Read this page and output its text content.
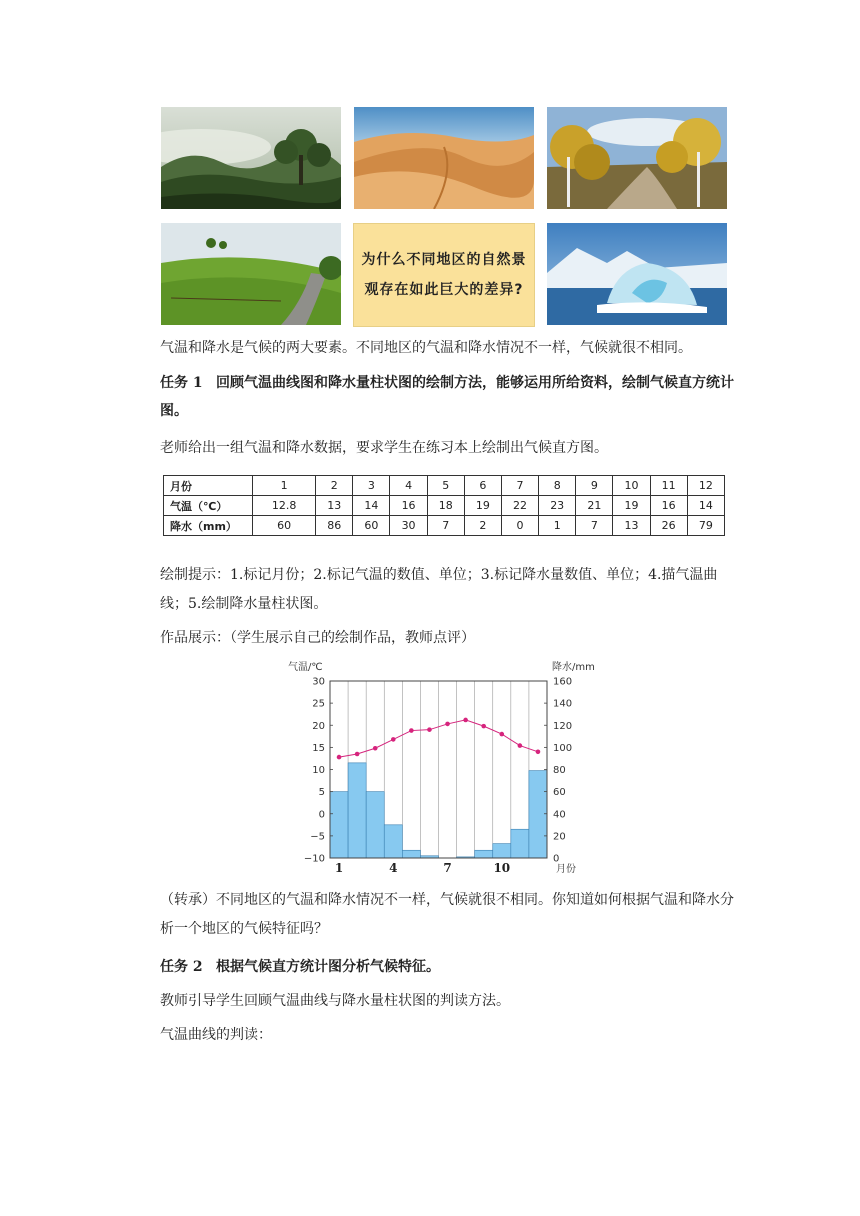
为什么不同地区的自然景
观存在如此巨大的差异?

气温和降水是气候的两大要素。不同地区的气温和降水情况不一样，气候就很不相同。

任务 1 回顾气温曲线图和降水量柱状图的绘制方法，能够运用所给资料，绘制气候直方统计图。

老师给出一组气温和降水数据，要求学生在练习本上绘制出气候直方图。

月份	1	2	3	4	5	6	7	8	9	10	11	12
气温（℃）	12.8	13	14	16	18	19	22	23	21	19	16	14
降水（mm）	60	86	60	30	7	2	0	1	7	13	26	79

绘制提示：1.标记月份；2.标记气温的数值、单位；3.标记降水量数值、单位；4.描气温曲线；5.绘制降水量柱状图。

作品展示：（学生展示自己的绘制作品，教师点评）

气温/℃	降水/mm
30
25
20
15
10
5
0
−5
−10
160
140
120
100
80
60
40
20
0
1	4	7	10	月份

（转承）不同地区的气温和降水情况不一样，气候就很不相同。你知道如何根据气温和降水分析一个地区的气候特征吗？

任务 2 根据气候直方统计图分析气候特征。

教师引导学生回顾气温曲线与降水量柱状图的判读方法。

气温曲线的判读：
